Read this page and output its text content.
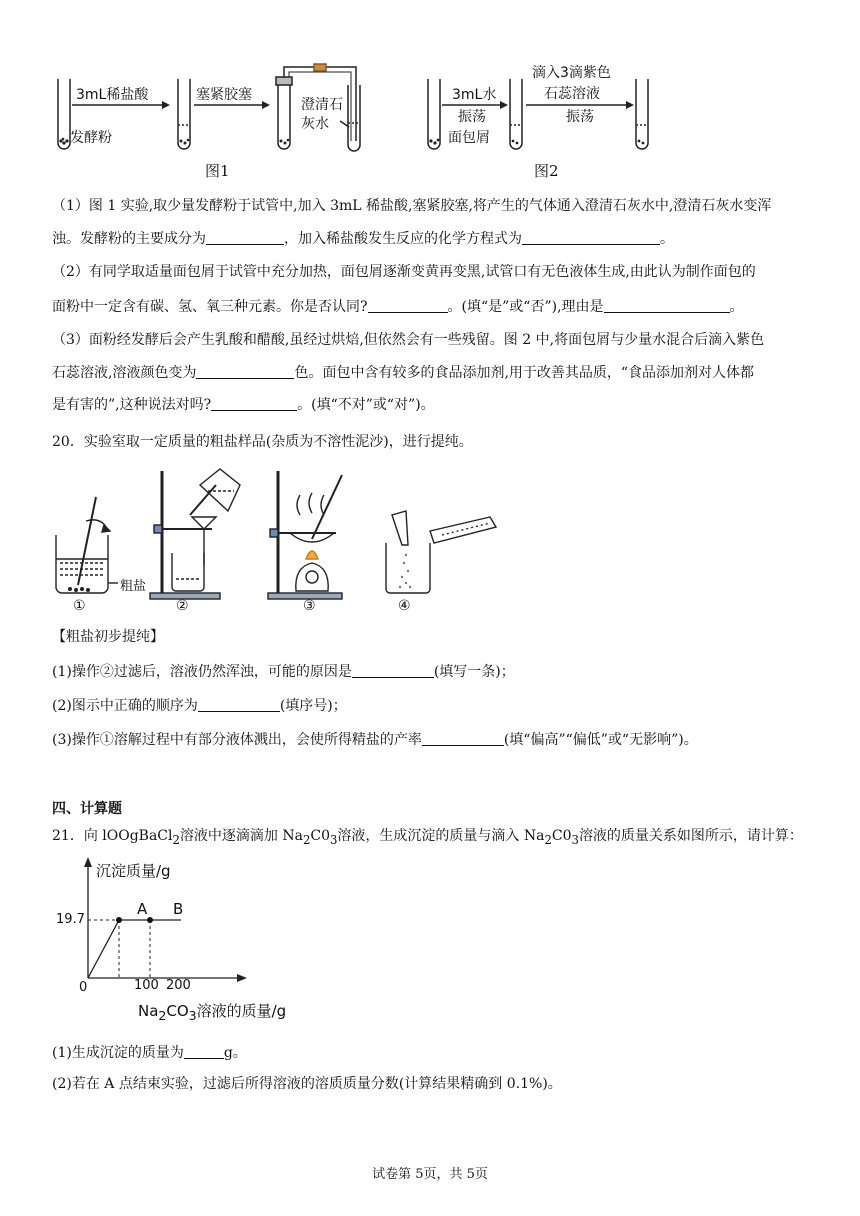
3mL稀盐酸
发酵粉
塞紧胶塞
澄清石
灰水
图1
3mL水
振荡
面包屑
滴入3滴紫色
石蕊溶液
振荡
图2
（1）图 1 实验,取少量发酵粉于试管中,加入 3mL 稀盐酸,塞紧胶塞,将产生的气体通入澄清石灰水中,澄清石灰水变浑
浊。发酵粉的主要成分为	，加入稀盐酸发生反应的化学方程式为	。
（2）有同学取适量面包屑于试管中充分加热，面包屑逐渐变黄再变黑,试管口有无色液体生成,由此认为制作面包的
面粉中一定含有碳、氢、氧三种元素。你是否认同?	。(填“是”或“否”),理由是	。
（3）面粉经发酵后会产生乳酸和醋酸,虽经过烘焙,但依然会有一些残留。图 2 中,将面包屑与少量水混合后滴入紫色
石蕊溶液,溶液颜色变为	色。面包中含有较多的食品添加剂,用于改善其品质，“食品添加剂对人体都
是有害的”,这种说法对吗?	。(填“不对”或“对”)。
20．实验室取一定质量的粗盐样品(杂质为不溶性泥沙)，进行提纯。
粗盐
①	②	③	④
【粗盐初步提纯】
(1)操作②过滤后，溶液仍然浑浊，可能的原因是	(填写一条)；
(2)图示中正确的顺序为	(填序号)；
(3)操作①溶解过程中有部分液体溅出，会使所得精盐的产率	(填“偏高”“偏低”或“无影响”)。
四、计算题
21．向 lOOgBaCl$_2$溶液中逐滴滴加 $Na_2C0_3$溶液，生成沉淀的质量与滴入 $Na_2C0_3$溶液的质量关系如图所示，请计算：
沉淀质量/g
19.7
0	100 200
A B
$Na_2CO_3$溶液的质量/g
(1)生成沉淀的质量为	g。
(2)若在 A 点结束实验，过滤后所得溶液的溶质质量分数(计算结果精确到 0.1%)。
试卷第 5页，共 5页
